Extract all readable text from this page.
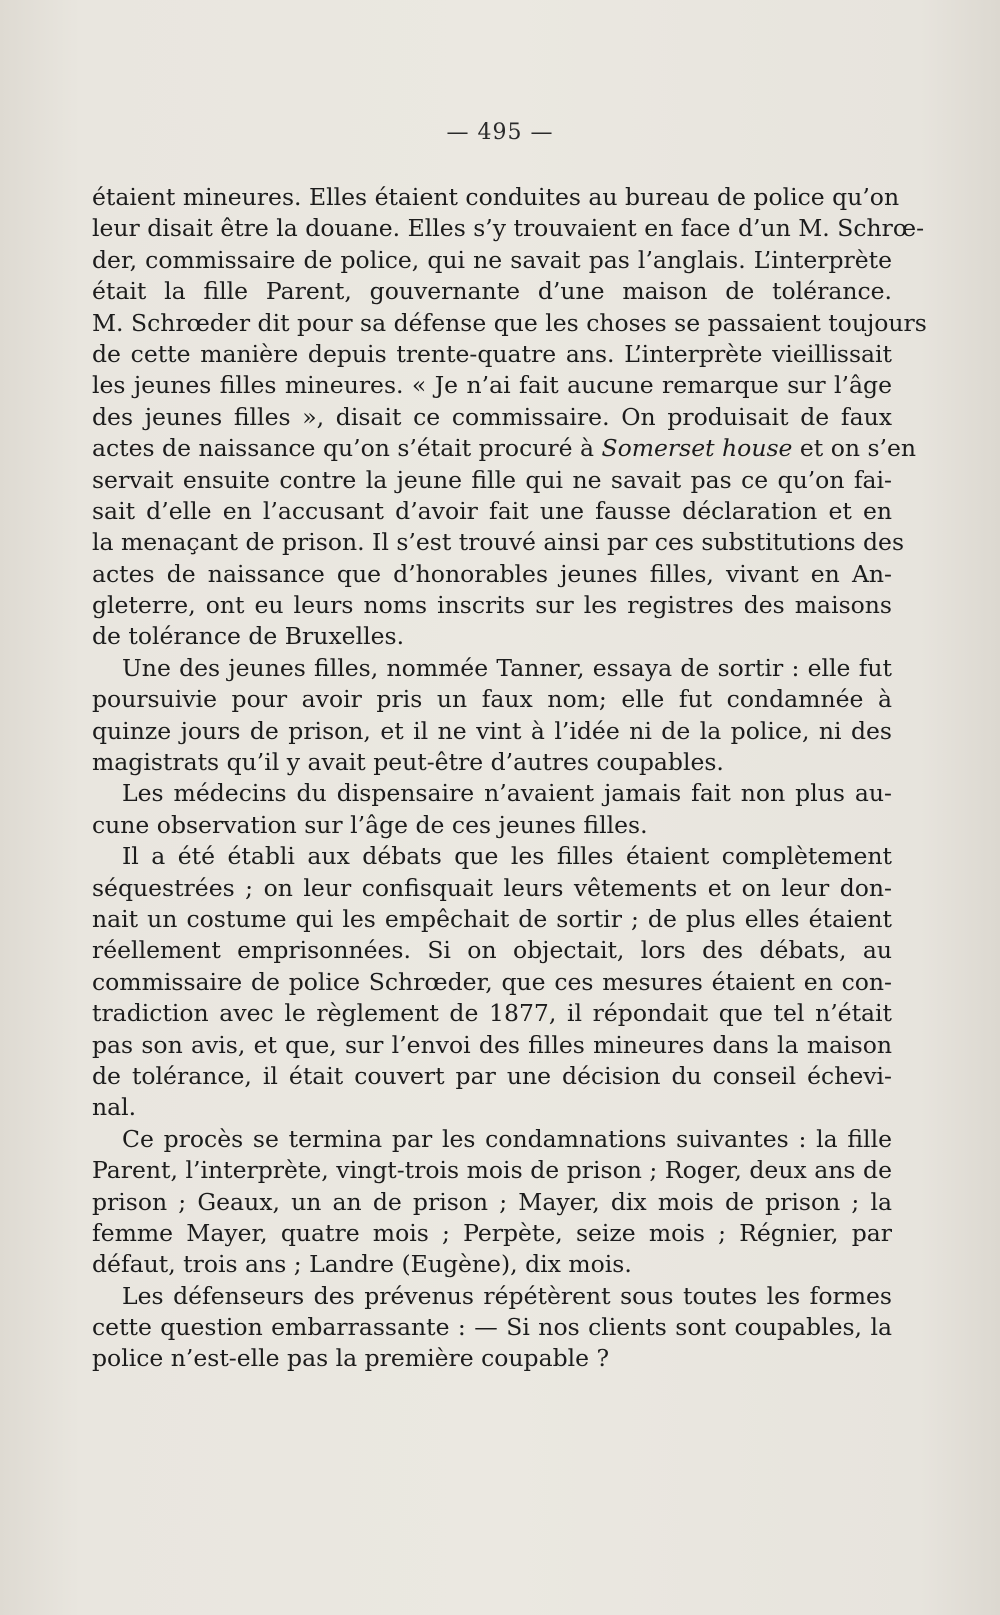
— 495 —
étaient mineures. Elles étaient conduites au bureau de police qu’on
leur disait être la douane. Elles s’y trouvaient en face d’un M. Schrœ-
der, commissaire de police, qui ne savait pas l’anglais. L’interprète
était la fille Parent, gouvernante d’une maison de tolérance.
M. Schrœder dit pour sa défense que les choses se passaient toujours
de cette manière depuis trente-quatre ans. L’interprète vieillissait
les jeunes filles mineures. « Je n’ai fait aucune remarque sur l’âge
des jeunes filles », disait ce commissaire. On produisait de faux
actes de naissance qu’on s’était procuré à Somerset house et on s’en
servait ensuite contre la jeune fille qui ne savait pas ce qu’on fai-
sait d’elle en l’accusant d’avoir fait une fausse déclaration et en
la menaçant de prison. Il s’est trouvé ainsi par ces substitutions des
actes de naissance que d’honorables jeunes filles, vivant en An-
gleterre, ont eu leurs noms inscrits sur les registres des maisons
de tolérance de Bruxelles.
Une des jeunes filles, nommée Tanner, essaya de sortir : elle fut
poursuivie pour avoir pris un faux nom; elle fut condamnée à
quinze jours de prison, et il ne vint à l’idée ni de la police, ni des
magistrats qu’il y avait peut-être d’autres coupables.
Les médecins du dispensaire n’avaient jamais fait non plus au-
cune observation sur l’âge de ces jeunes filles.
Il a été établi aux débats que les filles étaient complètement
séquestrées ; on leur confisquait leurs vêtements et on leur don-
nait un costume qui les empêchait de sortir ; de plus elles étaient
réellement emprisonnées. Si on objectait, lors des débats, au
commissaire de police Schrœder, que ces mesures étaient en con-
tradiction avec le règlement de 1877, il répondait que tel n’était
pas son avis, et que, sur l’envoi des filles mineures dans la maison
de tolérance, il était couvert par une décision du conseil échevi-
nal.
Ce procès se termina par les condamnations suivantes : la fille
Parent, l’interprète, vingt-trois mois de prison ; Roger, deux ans de
prison ; Geaux, un an de prison ; Mayer, dix mois de prison ; la
femme Mayer, quatre mois ; Perpète, seize mois ; Régnier, par
défaut, trois ans ; Landre (Eugène), dix mois.
Les défenseurs des prévenus répétèrent sous toutes les formes
cette question embarrassante : — Si nos clients sont coupables, la
police n’est-elle pas la première coupable ?
